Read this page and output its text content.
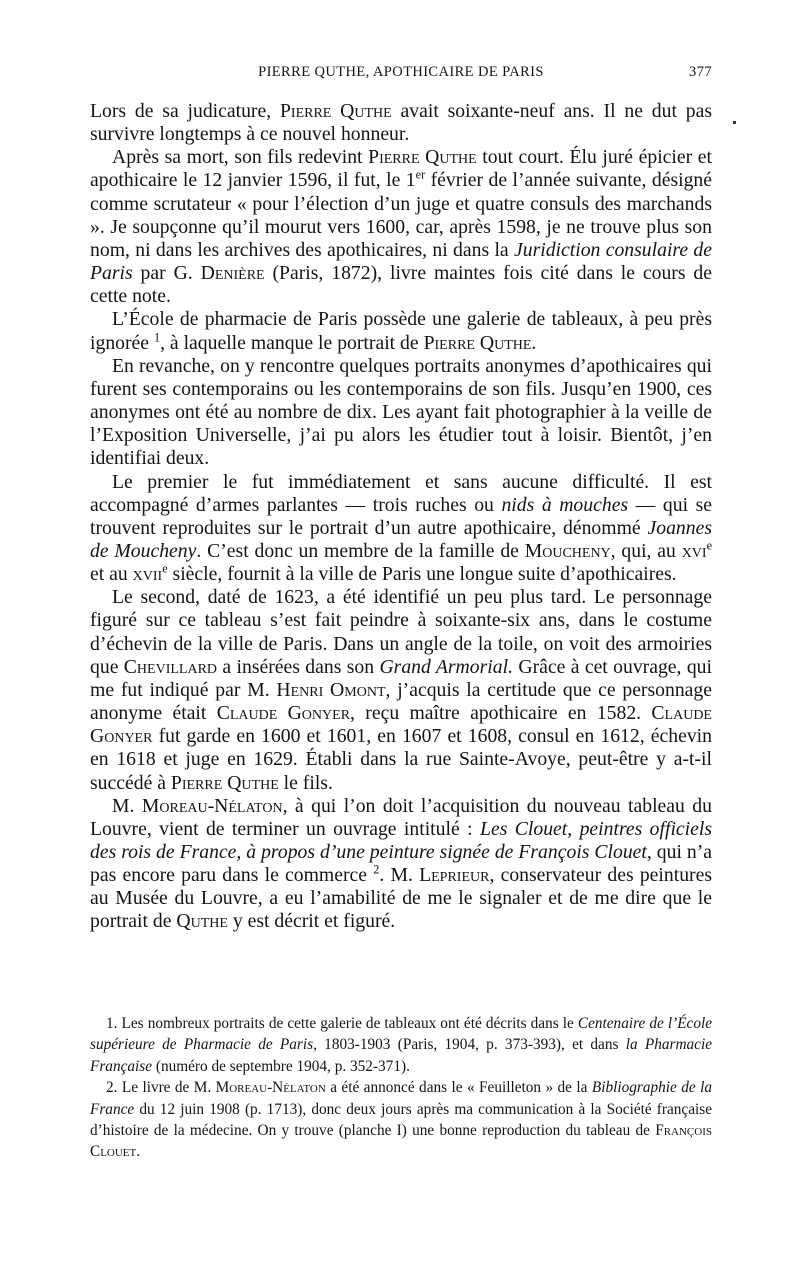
PIERRE QUTHE, APOTHICAIRE DE PARIS	377

Lors de sa judicature, Pierre Quthe avait soixante-neuf ans. Il ne dut pas survivre longtemps à ce nouvel honneur.

Après sa mort, son fils redevint Pierre Quthe tout court. Élu juré épicier et apothicaire le 12 janvier 1596, il fut, le 1er février de l’année suivante, désigné comme scrutateur « pour l’élection d’un juge et quatre consuls des marchands ». Je soupçonne qu’il mourut vers 1600, car, après 1598, je ne trouve plus son nom, ni dans les archives des apothicaires, ni dans la Juridiction consulaire de Paris par G. Denière (Paris, 1872), livre maintes fois cité dans le cours de cette note.

L’École de pharmacie de Paris possède une galerie de tableaux, à peu près ignorée $^1$, à laquelle manque le portrait de Pierre Quthe.

En revanche, on y rencontre quelques portraits anonymes d’apothicaires qui furent ses contemporains ou les contemporains de son fils. Jusqu’en 1900, ces anonymes ont été au nombre de dix. Les ayant fait photographier à la veille de l’Exposition Universelle, j’ai pu alors les étudier tout à loisir. Bientôt, j’en identifiai deux.

Le premier le fut immédiatement et sans aucune difficulté. Il est accompagné d’armes parlantes — trois ruches ou nids à mouches — qui se trouvent reproduites sur le portrait d’un autre apothicaire, dénommé Joannes de Moucheny. C’est donc un membre de la famille de Moucheny, qui, au xvi$^e$ et au xvii$^e$ siècle, fournit à la ville de Paris une longue suite d’apothicaires.

Le second, daté de 1623, a été identifié un peu plus tard. Le personnage figuré sur ce tableau s’est fait peindre à soixante-six ans, dans le costume d’échevin de la ville de Paris. Dans un angle de la toile, on voit des armoiries que Chevillard a insérées dans son Grand Armorial. Grâce à cet ouvrage, qui me fut indiqué par M. Henri Omont, j’acquis la certitude que ce personnage anonyme était Claude Gonyer, reçu maître apothicaire en 1582. Claude Gonyer fut garde en 1600 et 1601, en 1607 et 1608, consul en 1612, échevin en 1618 et juge en 1629. Établi dans la rue Sainte-Avoye, peut-être y a-t-il succédé à Pierre Quthe le fils.

M. Moreau-Nélaton, à qui l’on doit l’acquisition du nouveau tableau du Louvre, vient de terminer un ouvrage intitulé : Les Clouet, peintres officiels des rois de France, à propos d’une peinture signée de François Clouet, qui n’a pas encore paru dans le commerce $^2$. M. Leprieur, conservateur des peintures au Musée du Louvre, a eu l’amabilité de me le signaler et de me dire que le portrait de Quthe y est décrit et figuré.

1. Les nombreux portraits de cette galerie de tableaux ont été décrits dans le Centenaire de l’École supérieure de Pharmacie de Paris, 1803-1903 (Paris, 1904, p. 373-393), et dans la Pharmacie Française (numéro de septembre 1904, p. 352-371).

2. Le livre de M. Moreau-Nélaton a été annoncé dans le « Feuilleton » de la Bibliographie de la France du 12 juin 1908 (p. 1713), donc deux jours après ma communication à la Société française d’histoire de la médecine. On y trouve (planche I) une bonne reproduction du tableau de François Clouet.
